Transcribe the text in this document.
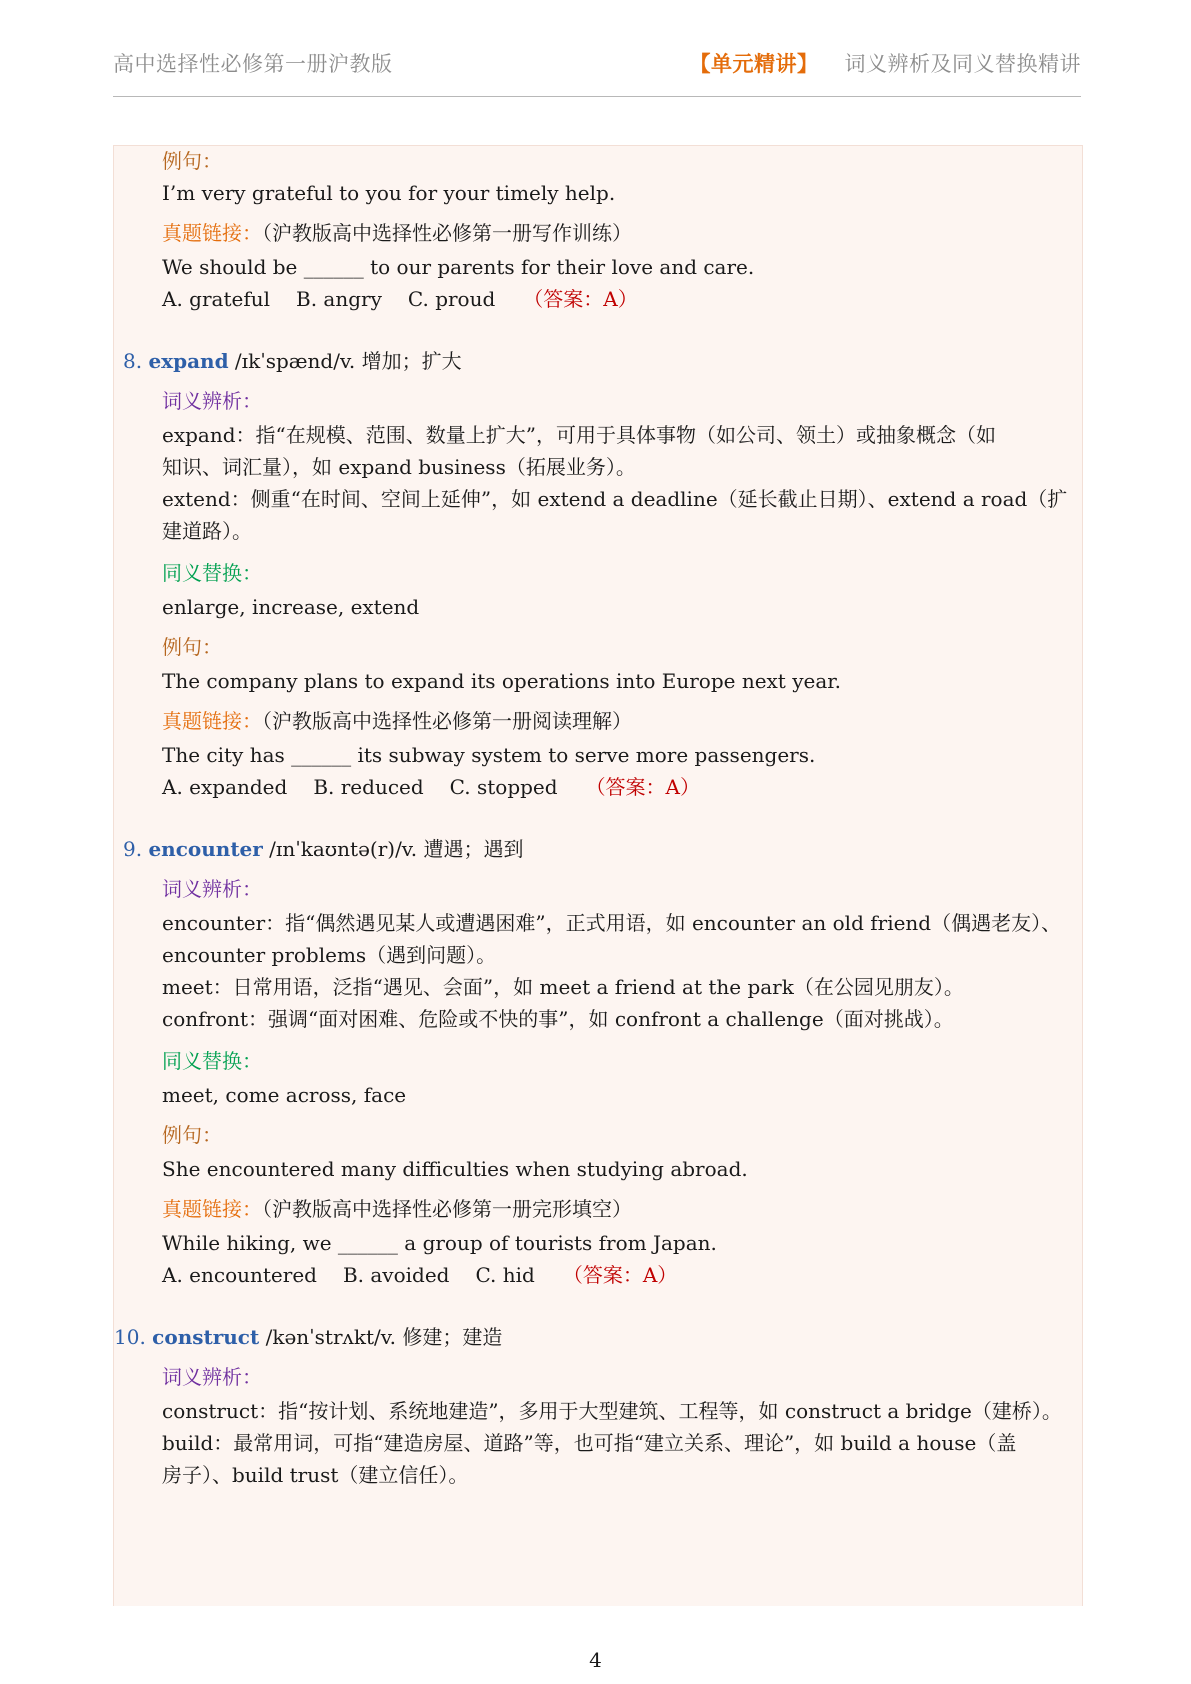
高中选择性必修第一册沪教版	【单元精讲】 词义辨析及同义替换精讲
例句：
I’m very grateful to you for your timely help.
真题链接：（沪教版高中选择性必修第一册写作训练）
We should be ______ to our parents for their love and care.
A. grateful B. angry C. proud （答案：A）
8. expand /ɪkˈspænd/v. 增加；扩大
词义辨析：
expand：指“在规模、范围、数量上扩大”，可用于具体事物（如公司、领土）或抽象概念（如
知识、词汇量），如 expand business（拓展业务）。
extend：侧重“在时间、空间上延伸”，如 extend a deadline（延长截止日期）、extend a road（扩
建道路）。
同义替换：
enlarge, increase, extend
例句：
The company plans to expand its operations into Europe next year.
真题链接：（沪教版高中选择性必修第一册阅读理解）
The city has ______ its subway system to serve more passengers.
A. expanded B. reduced C. stopped （答案：A）
9. encounter /ɪnˈkaʊntə(r)/v. 遭遇；遇到
词义辨析：
encounter：指“偶然遇见某人或遭遇困难”，正式用语，如 encounter an old friend（偶遇老友）、
encounter problems（遇到问题）。
meet：日常用语，泛指“遇见、会面”，如 meet a friend at the park（在公园见朋友）。
confront：强调“面对困难、危险或不快的事”，如 confront a challenge（面对挑战）。
同义替换：
meet, come across, face
例句：
She encountered many difficulties when studying abroad.
真题链接：（沪教版高中选择性必修第一册完形填空）
While hiking, we ______ a group of tourists from Japan.
A. encountered B. avoided C. hid （答案：A）
10. construct /kənˈstrʌkt/v. 修建；建造
词义辨析：
construct：指“按计划、系统地建造”，多用于大型建筑、工程等，如 construct a bridge（建桥）。
build：最常用词，可指“建造房屋、道路”等，也可指“建立关系、理论”，如 build a house（盖
房子）、build trust（建立信任）。
4
